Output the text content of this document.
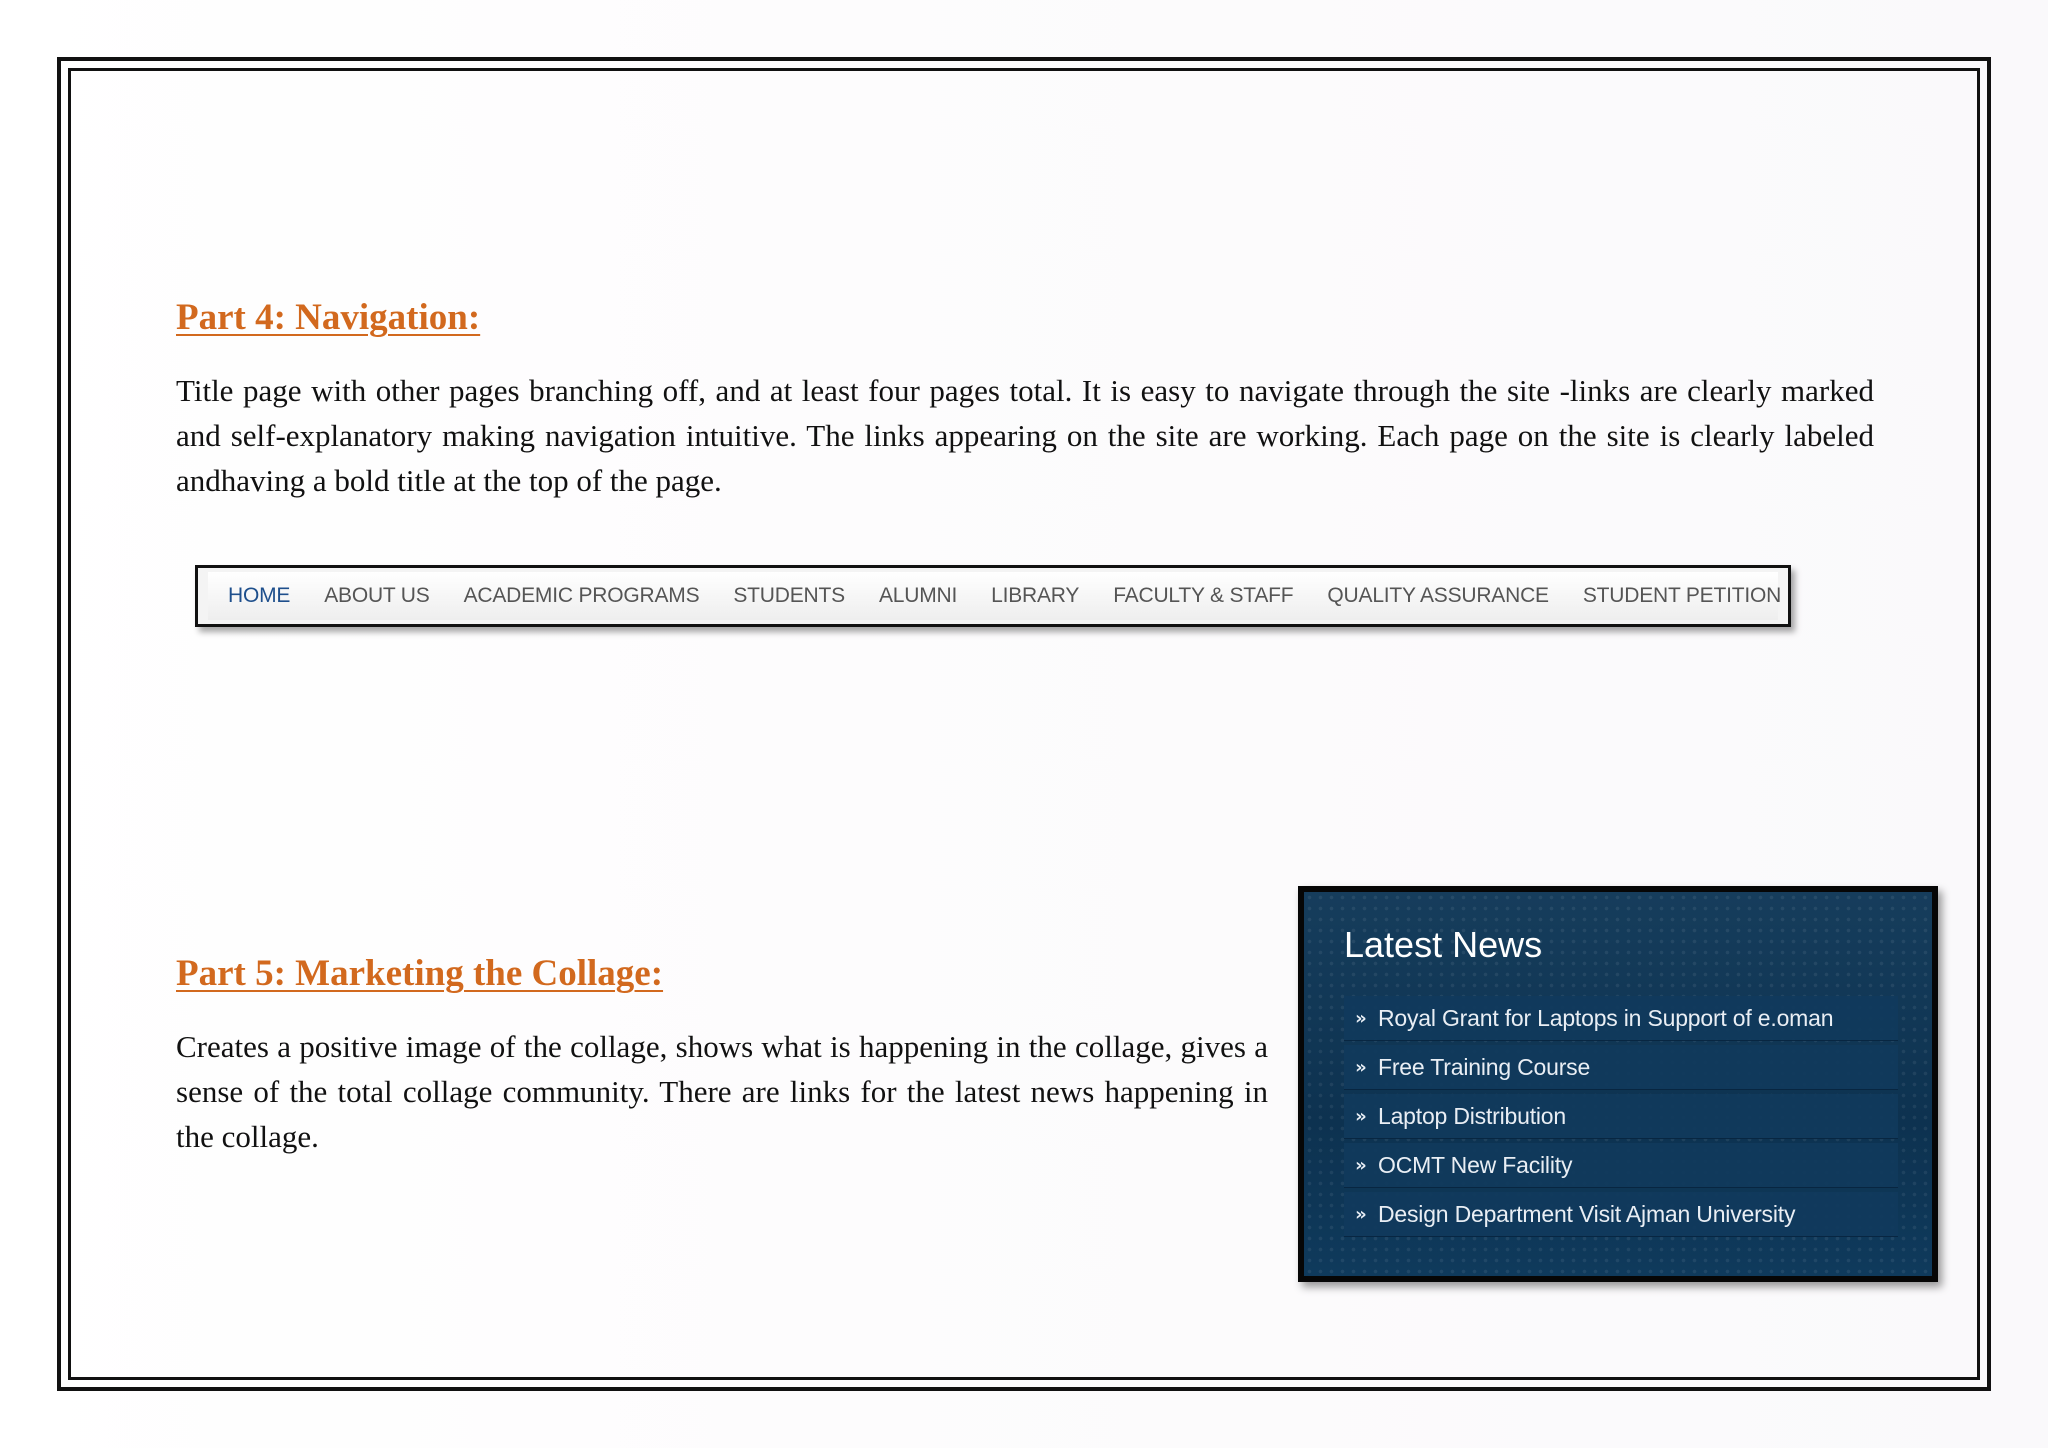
Part 4: Navigation:

Title page with other pages branching off, and at least four pages total. It is easy to navigate through the site -links are clearly marked and self-explanatory making navigation intuitive. The links appearing on the site are working. Each page on the site is clearly labeled andhaving a bold title at the top of the page.

HOME ABOUT US ACADEMIC PROGRAMS STUDENTS ALUMNI LIBRARY FACULTY & STAFF QUALITY ASSURANCE STUDENT PETITION
Part 5: Marketing the Collage:

Creates a positive image of the collage, shows what is happening in the collage, gives a sense of the total collage community. There are links for the latest news happening in the collage.

Latest News
» Royal Grant for Laptops in Support of e.oman
» Free Training Course
» Laptop Distribution
» OCMT New Facility
» Design Department Visit Ajman University
